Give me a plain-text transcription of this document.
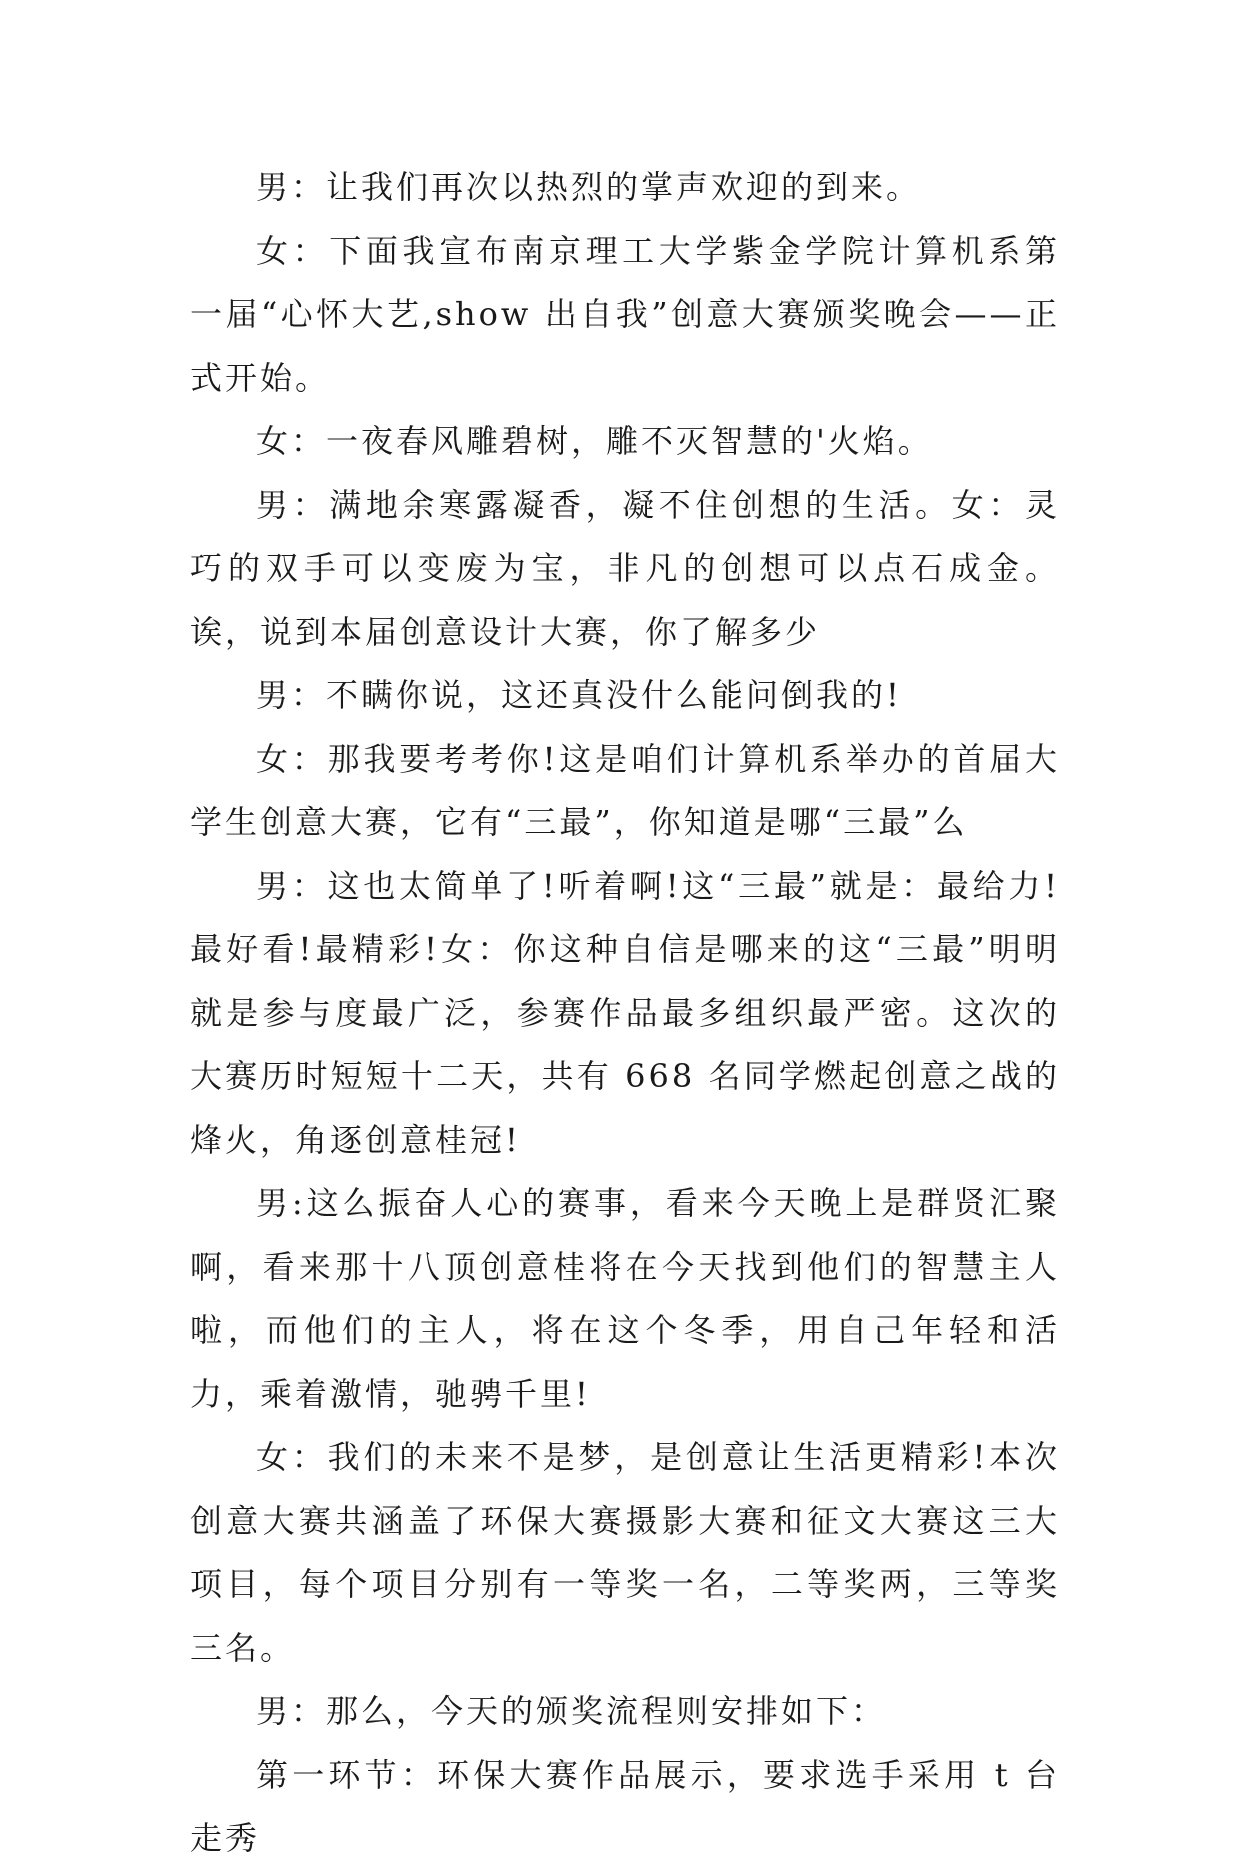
男：让我们再次以热烈的掌声欢迎的到来。

女：下面我宣布南京理工大学紫金学院计算机系第一届“心怀大艺,show 出自我”创意大赛颁奖晚会——正式开始。

女：一夜春风雕碧树，雕不灭智慧的'火焰。

男：满地余寒露凝香，凝不住创想的生活。女：灵巧的双手可以变废为宝，非凡的创想可以点石成金。诶，说到本届创意设计大赛，你了解多少

男：不瞒你说，这还真没什么能问倒我的!

女：那我要考考你!这是咱们计算机系举办的首届大学生创意大赛，它有“三最”，你知道是哪“三最”么

男：这也太简单了!听着啊!这“三最”就是：最给力!最好看!最精彩!女：你这种自信是哪来的这“三最”明明就是参与度最广泛，参赛作品最多组织最严密。这次的大赛历时短短十二天，共有 668 名同学燃起创意之战的烽火，角逐创意桂冠!

男:这么振奋人心的赛事，看来今天晚上是群贤汇聚啊，看来那十八顶创意桂将在今天找到他们的智慧主人啦，而他们的主人，将在这个冬季，用自己年轻和活力，乘着激情，驰骋千里!

女：我们的未来不是梦，是创意让生活更精彩!本次创意大赛共涵盖了环保大赛摄影大赛和征文大赛这三大项目，每个项目分别有一等奖一名，二等奖两，三等奖三名。

男：那么，今天的颁奖流程则安排如下：

第一环节：环保大赛作品展示，要求选手采用 t 台走秀
